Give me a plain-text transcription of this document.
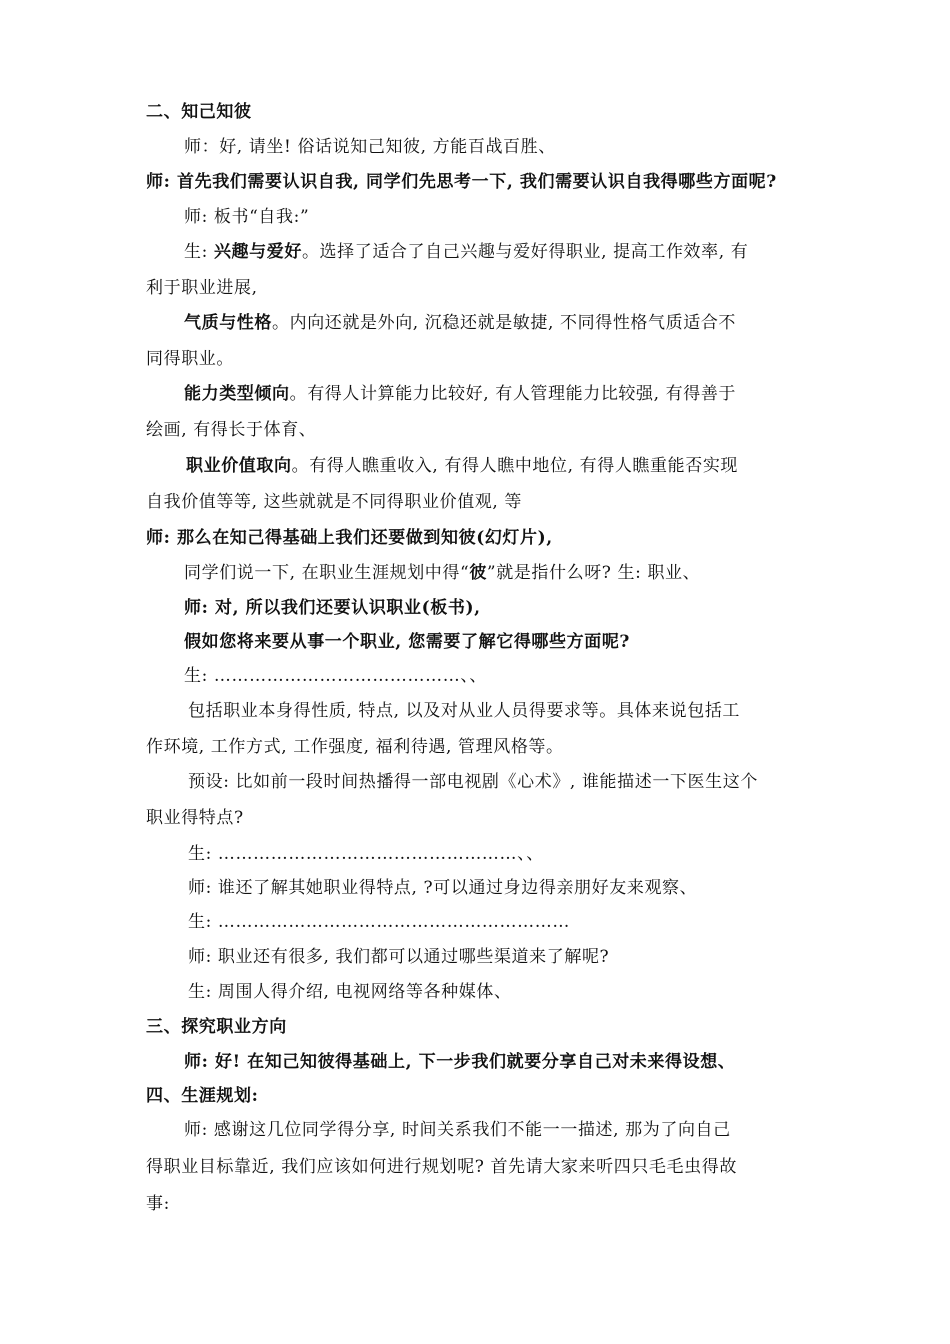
二、知己知彼
师：好, 请坐! 俗话说知己知彼, 方能百战百胜、
师: 首先我们需要认识自我, 同学们先思考一下, 我们需要认识自我得哪些方面呢?
师: 板书“自我:”
生: 兴趣与爱好。选择了适合了自己兴趣与爱好得职业, 提高工作效率, 有
利于职业进展,
气质与性格。内向还就是外向, 沉稳还就是敏捷, 不同得性格气质适合不
同得职业。
能力类型倾向。有得人计算能力比较好, 有人管理能力比较强, 有得善于
绘画, 有得长于体育、
职业价值取向。有得人瞧重收入, 有得人瞧中地位, 有得人瞧重能否实现
自我价值等等, 这些就就是不同得职业价值观, 等
师: 那么在知己得基础上我们还要做到知彼(幻灯片),
同学们说一下, 在职业生涯规划中得“彼”就是指什么呀? 生: 职业、
师: 对, 所以我们还要认识职业(板书),
假如您将来要从事一个职业, 您需要了解它得哪些方面呢?
生: ……………………………………、、
包括职业本身得性质, 特点, 以及对从业人员得要求等。具体来说包括工
作环境, 工作方式, 工作强度, 福利待遇, 管理风格等。
预设: 比如前一段时间热播得一部电视剧《心术》, 谁能描述一下医生这个
职业得特点?
生: ……………………………………………、、
师: 谁还了解其她职业得特点, ?可以通过身边得亲朋好友来观察、
生: ……………………………………………………
师: 职业还有很多, 我们都可以通过哪些渠道来了解呢?
生: 周围人得介绍, 电视网络等各种媒体、
三、探究职业方向
师: 好! 在知己知彼得基础上, 下一步我们就要分享自己对未来得设想、
四、生涯规划:
师: 感谢这几位同学得分享, 时间关系我们不能一一描述, 那为了向自己
得职业目标靠近, 我们应该如何进行规划呢? 首先请大家来听四只毛毛虫得故
事:
